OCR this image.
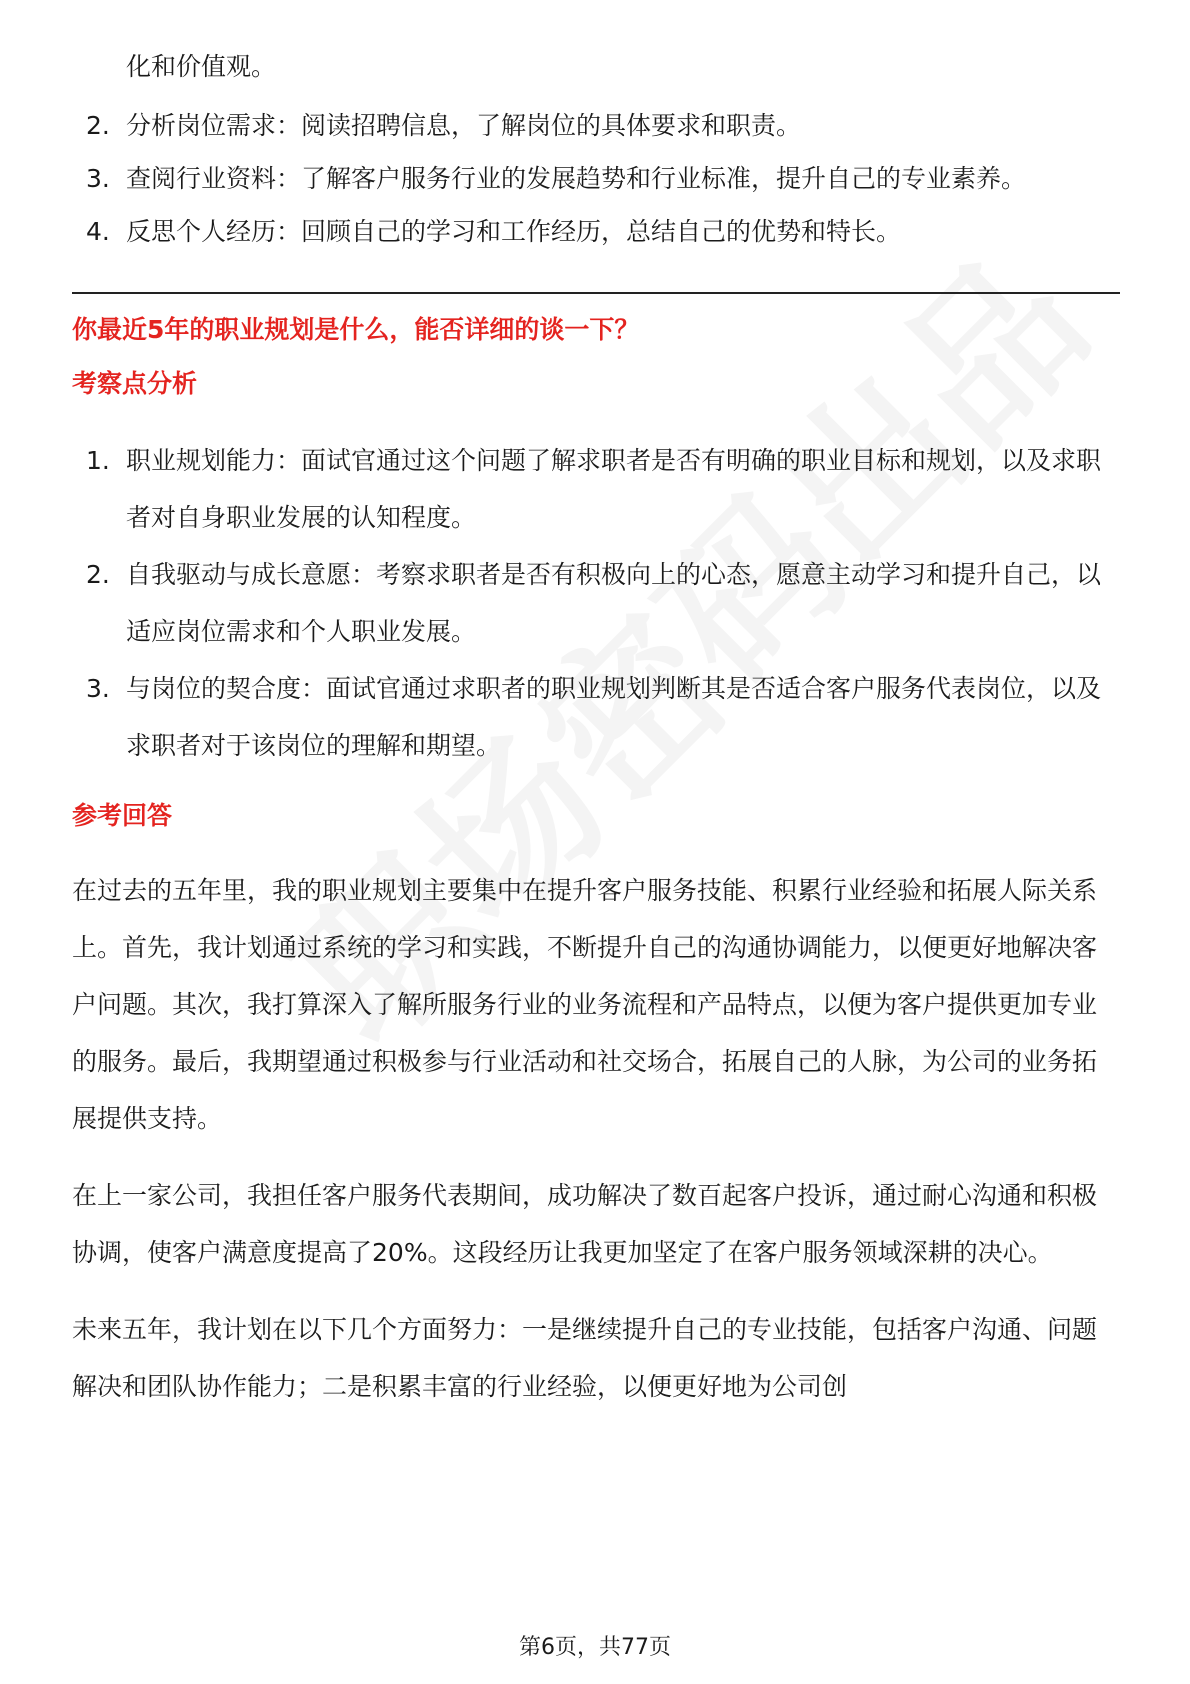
化和价值观。
2. 分析岗位需求：阅读招聘信息，了解岗位的具体要求和职责。
3. 查阅行业资料：了解客户服务行业的发展趋势和行业标准，提升自己的专业素养。
4. 反思个人经历：回顾自己的学习和工作经历，总结自己的优势和特长。
你最近5年的职业规划是什么，能否详细的谈一下？
考察点分析
1. 职业规划能力：面试官通过这个问题了解求职者是否有明确的职业目标和规划，以及求职者对自身职业发展的认知程度。
2. 自我驱动与成长意愿：考察求职者是否有积极向上的心态，愿意主动学习和提升自己，以适应岗位需求和个人职业发展。
3. 与岗位的契合度：面试官通过求职者的职业规划判断其是否适合客户服务代表岗位，以及求职者对于该岗位的理解和期望。
参考回答

在过去的五年里，我的职业规划主要集中在提升客户服务技能、积累行业经验和拓展人际关系上。首先，我计划通过系统的学习和实践，不断提升自己的沟通协调能力，以便更好地解决客户问题。其次，我打算深入了解所服务行业的业务流程和产品特点，以便为客户提供更加专业的服务。最后，我期望通过积极参与行业活动和社交场合，拓展自己的人脉，为公司的业务拓展提供支持。

在上一家公司，我担任客户服务代表期间，成功解决了数百起客户投诉，通过耐心沟通和积极协调，使客户满意度提高了20%。这段经历让我更加坚定了在客户服务领域深耕的决心。

未来五年，我计划在以下几个方面努力：一是继续提升自己的专业技能，包括客户沟通、问题解决和团队协作能力；二是积累丰富的行业经验，以便更好地为公司创

第6页，共77页
